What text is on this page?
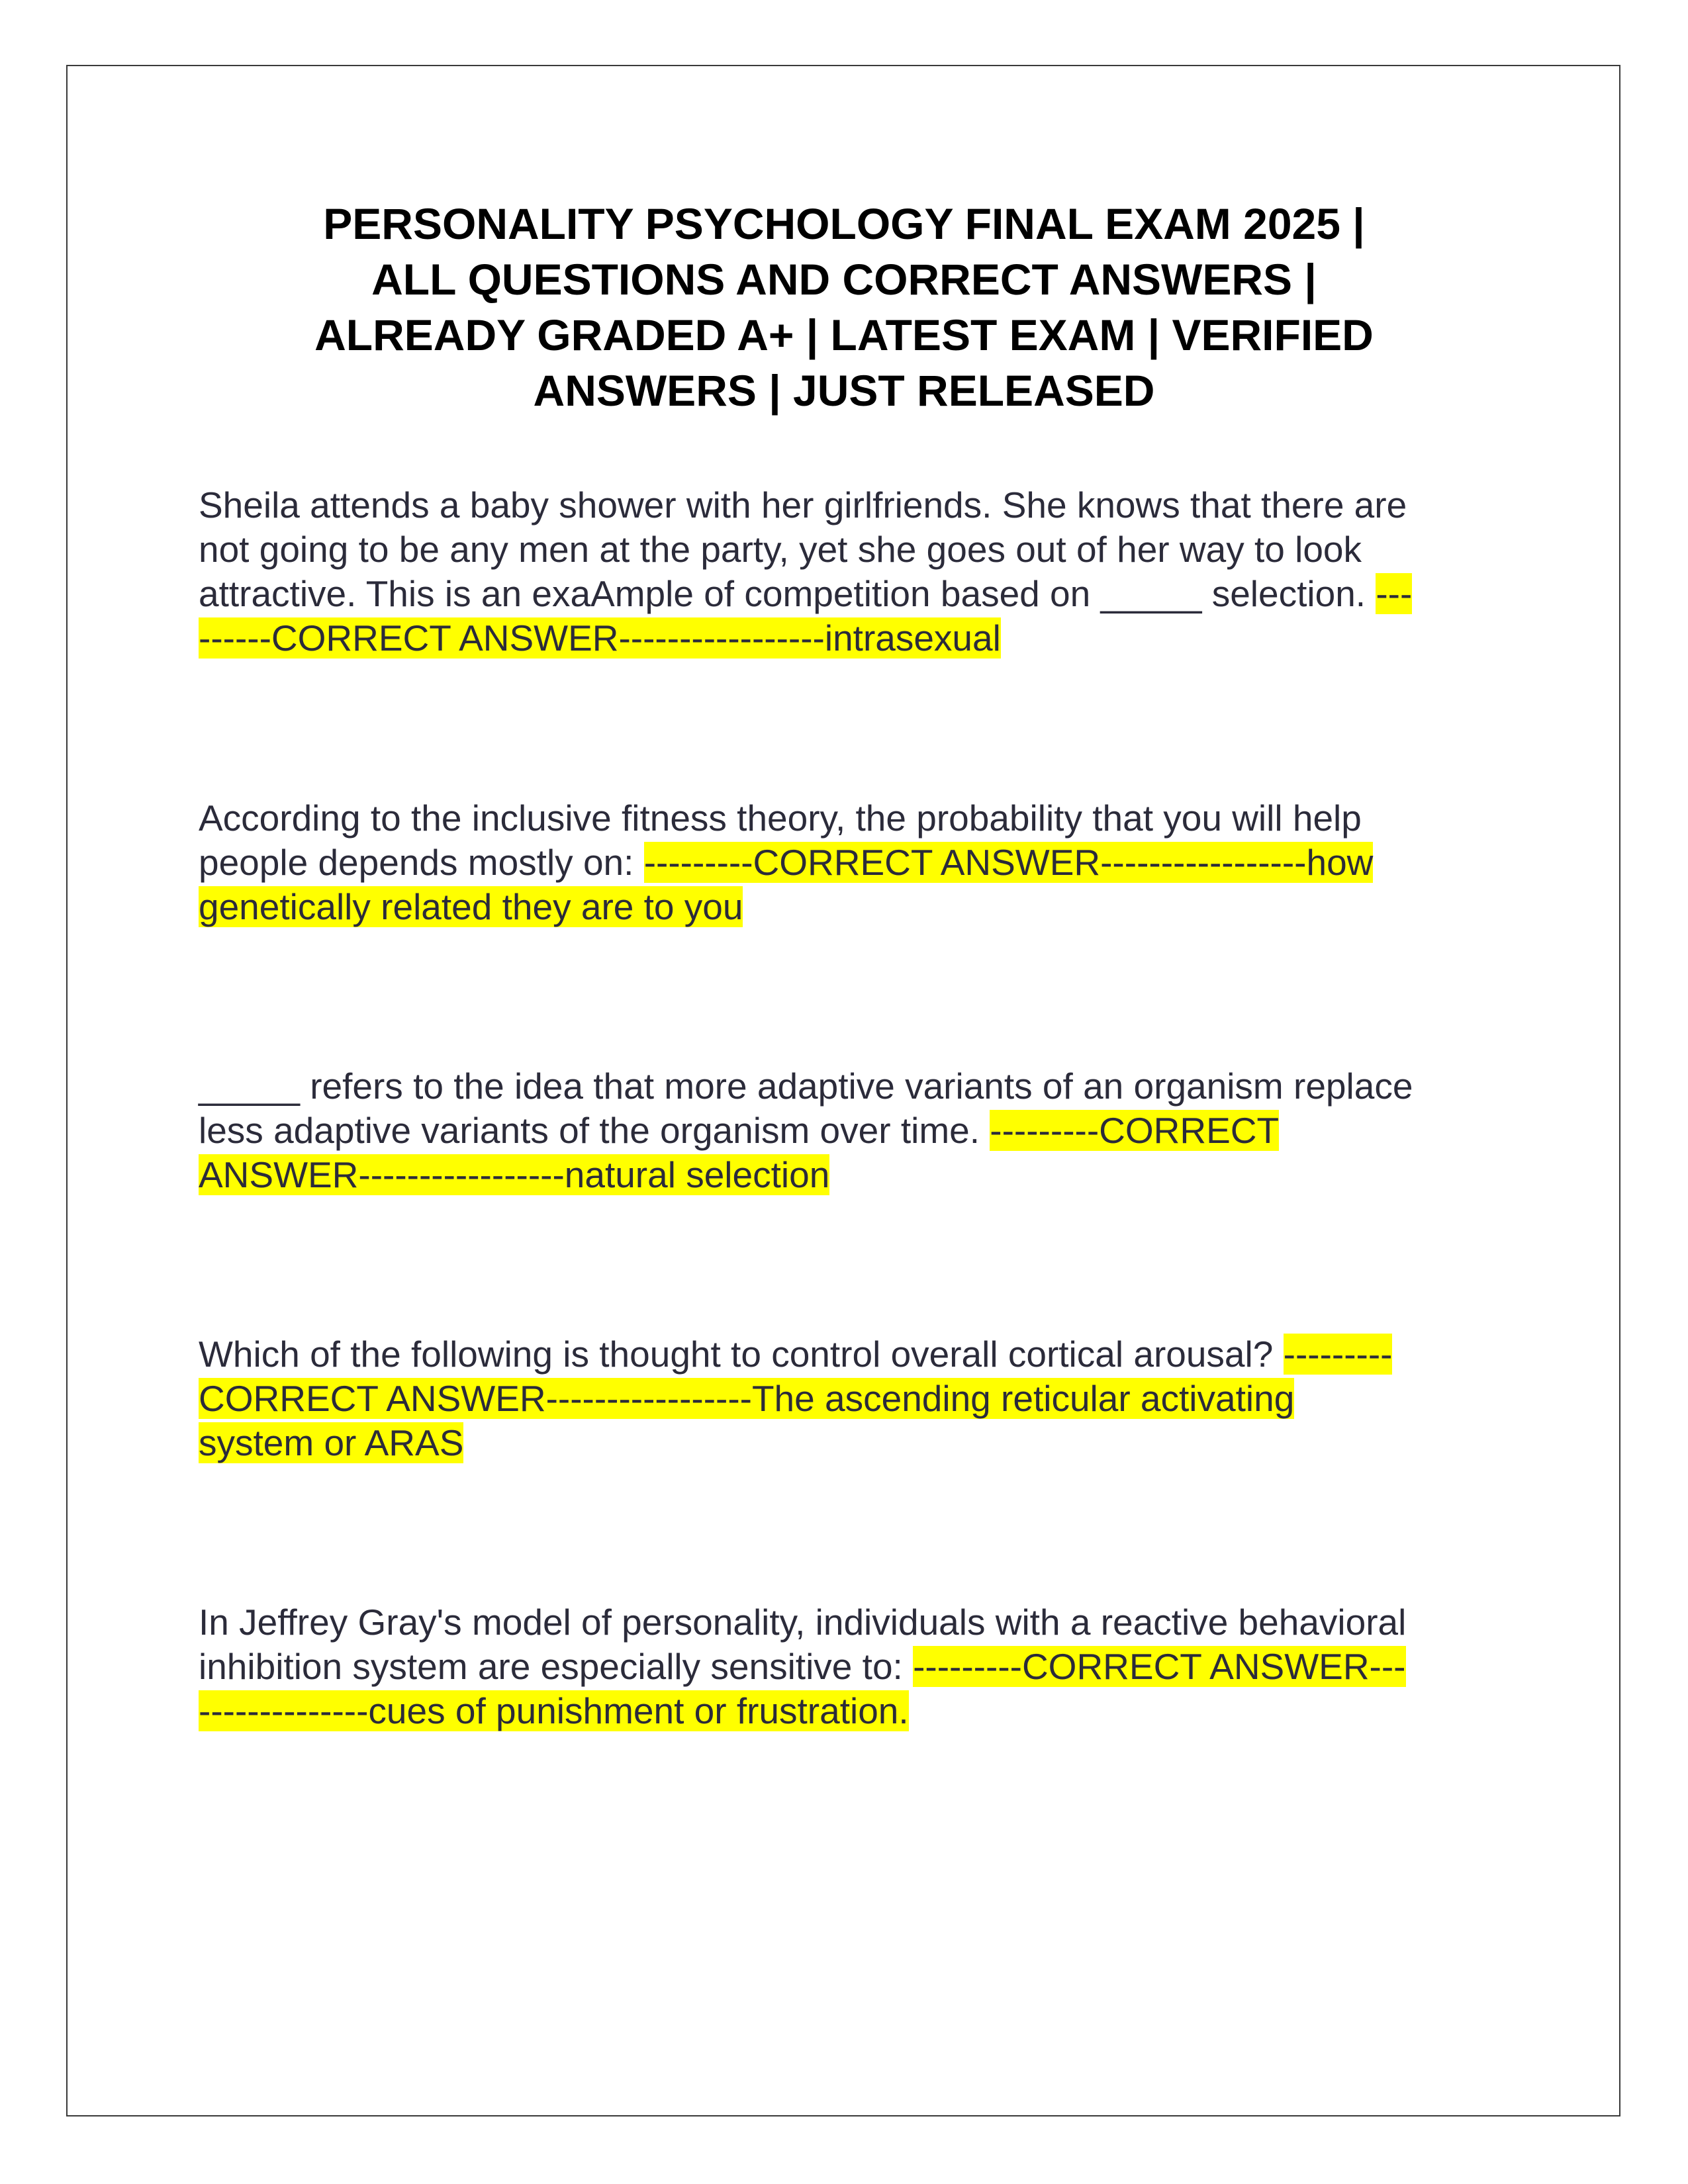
PERSONALITY PSYCHOLOGY FINAL EXAM 2025 |
ALL QUESTIONS AND CORRECT ANSWERS |
ALREADY GRADED A+ | LATEST EXAM | VERIFIED
ANSWERS | JUST RELEASED
Sheila attends a baby shower with her girlfriends. She knows that there are
not going to be any men at the party, yet she goes out of her way to look
attractive. This is an exaAmple of competition based on _____ selection. ---
------CORRECT ANSWER-----------------intrasexual
According to the inclusive fitness theory, the probability that you will help
people depends mostly on: ---------CORRECT ANSWER-----------------how
genetically related they are to you
_____ refers to the idea that more adaptive variants of an organism replace
less adaptive variants of the organism over time. ---------CORRECT
ANSWER-----------------natural selection
Which of the following is thought to control overall cortical arousal? ---------
CORRECT ANSWER-----------------The ascending reticular activating
system or ARAS
In Jeffrey Gray's model of personality, individuals with a reactive behavioral
inhibition system are especially sensitive to: ---------CORRECT ANSWER---
--------------cues of punishment or frustration.
